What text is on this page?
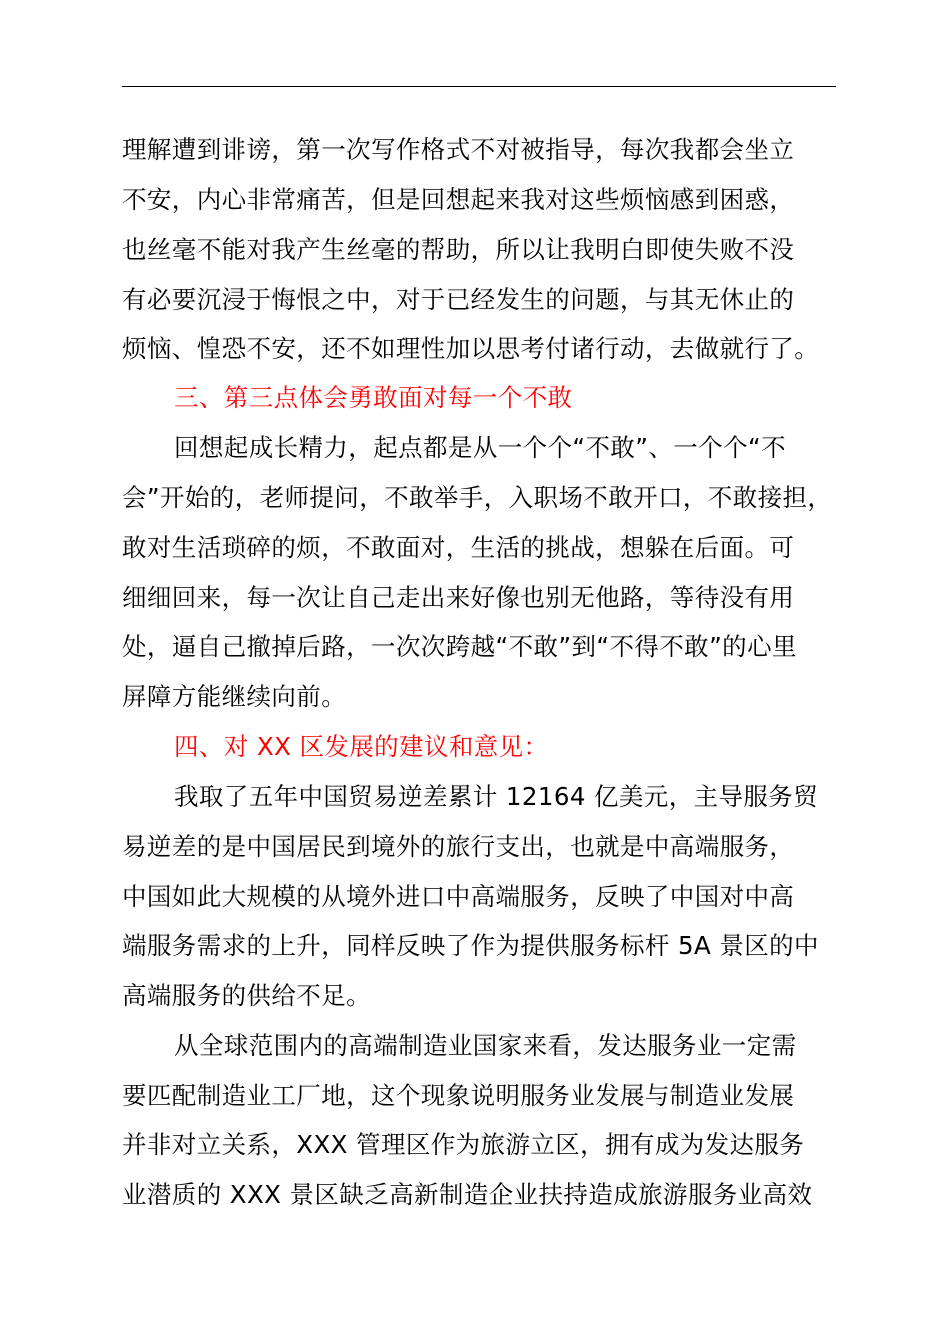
理解遭到诽谤，第一次写作格式不对被指导，每次我都会坐立
不安，内心非常痛苦，但是回想起来我对这些烦恼感到困惑，
也丝毫不能对我产生丝毫的帮助，所以让我明白即使失败不没
有必要沉浸于悔恨之中，对于已经发生的问题，与其无休止的
烦恼、惶恐不安，还不如理性加以思考付诸行动，去做就行了。
三、第三点体会勇敢面对每一个不敢
回想起成长精力，起点都是从一个个“不敢”、一个个“不
会”开始的，老师提问，不敢举手，入职场不敢开口，不敢接担，
敢对生活琐碎的烦，不敢面对，生活的挑战，想躲在后面。可
细细回来，每一次让自己走出来好像也别无他路，等待没有用
处，逼自己撤掉后路，一次次跨越“不敢”到“不得不敢”的心里
屏障方能继续向前。
四、对 XX 区发展的建议和意见：
我取了五年中国贸易逆差累计 12164 亿美元，主导服务贸
易逆差的是中国居民到境外的旅行支出，也就是中高端服务，
中国如此大规模的从境外进口中高端服务，反映了中国对中高
端服务需求的上升，同样反映了作为提供服务标杆 5A 景区的中
高端服务的供给不足。
从全球范围内的高端制造业国家来看，发达服务业一定需
要匹配制造业工厂地，这个现象说明服务业发展与制造业发展
并非对立关系，XXX 管理区作为旅游立区，拥有成为发达服务
业潜质的 XXX 景区缺乏高新制造企业扶持造成旅游服务业高效
